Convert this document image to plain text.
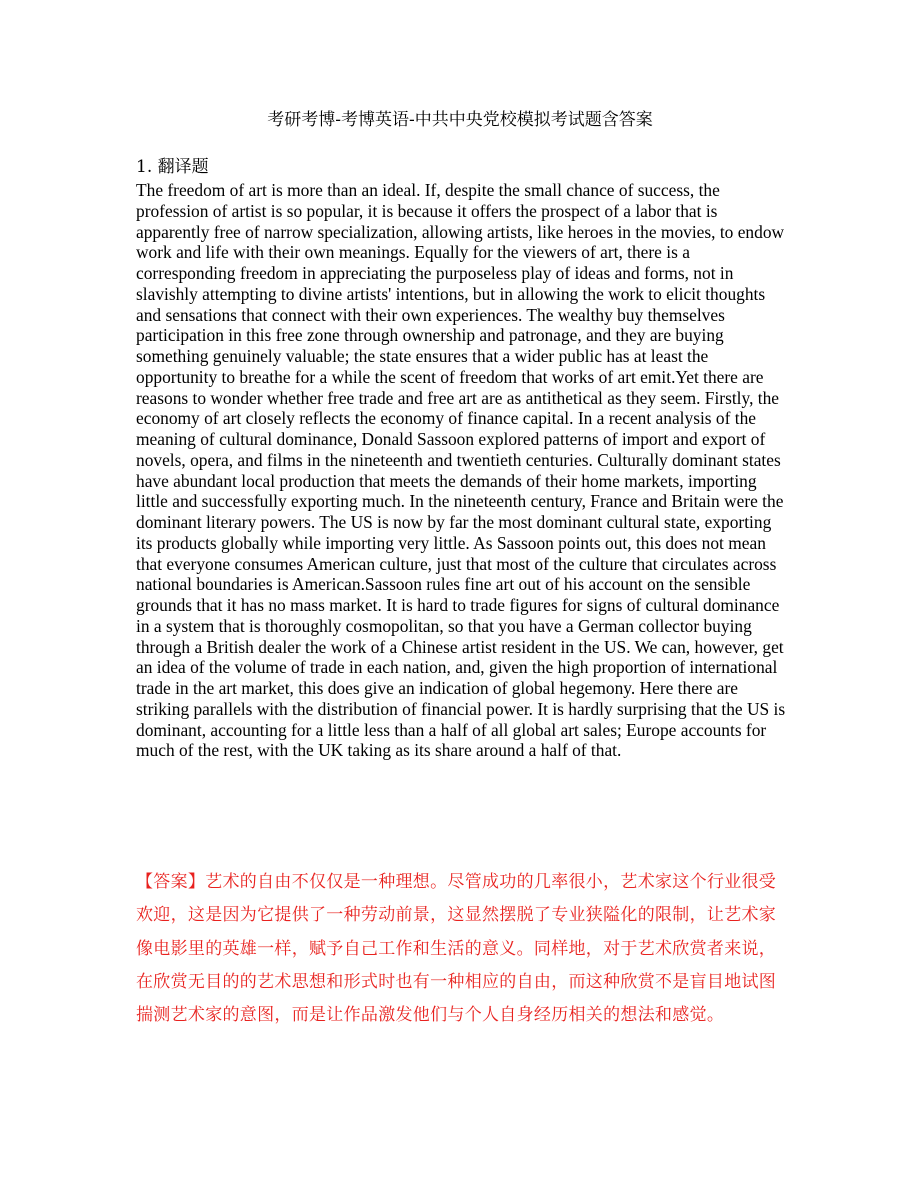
考研考博-考博英语-中共中央党校模拟考试题含答案
1. 翻译题

The freedom of art is more than an ideal. If, despite the small chance of success, the profession of artist is so popular, it is because it offers the prospect of a labor that is apparently free of narrow specialization, allowing artists, like heroes in the movies, to endow work and life with their own meanings. Equally for the viewers of art, there is a corresponding freedom in appreciating the purposeless play of ideas and forms, not in slavishly attempting to divine artists' intentions, but in allowing the work to elicit thoughts and sensations that connect with their own experiences. The wealthy buy themselves participation in this free zone through ownership and patronage, and they are buying something genuinely valuable; the state ensures that a wider public has at least the opportunity to breathe for a while the scent of freedom that works of art emit.Yet there are reasons to wonder whether free trade and free art are as antithetical as they seem. Firstly, the economy of art closely reflects the economy of finance capital. In a recent analysis of the meaning of cultural dominance, Donald Sassoon explored patterns of import and export of novels, opera, and films in the nineteenth and twentieth centuries. Culturally dominant states have abundant local production that meets the demands of their home markets, importing little and successfully exporting much. In the nineteenth century, France and Britain were the dominant literary powers. The US is now by far the most dominant cultural state, exporting its products globally while importing very little. As Sassoon points out, this does not mean that everyone consumes American culture, just that most of the culture that circulates across national boundaries is American.Sassoon rules fine art out of his account on the sensible grounds that it has no mass market. It is hard to trade figures for signs of cultural dominance in a system that is thoroughly cosmopolitan, so that you have a German collector buying through a British dealer the work of a Chinese artist resident in the US. We can, however, get an idea of the volume of trade in each nation, and, given the high proportion of international trade in the art market, this does give an indication of global hegemony. Here there are striking parallels with the distribution of financial power. It is hardly surprising that the US is dominant, accounting for a little less than a half of all global art sales; Europe accounts for much of the rest, with the UK taking as its share around a half of that.

【答案】艺术的自由不仅仅是一种理想。尽管成功的几率很小，艺术家这个行业很受欢迎，这是因为它提供了一种劳动前景，这显然摆脱了专业狭隘化的限制，让艺术家像电影里的英雄一样，赋予自己工作和生活的意义。同样地，对于艺术欣赏者来说，在欣赏无目的的艺术思想和形式时也有一种相应的自由，而这种欣赏不是盲目地试图揣测艺术家的意图，而是让作品激发他们与个人自身经历相关的想法和感觉。
